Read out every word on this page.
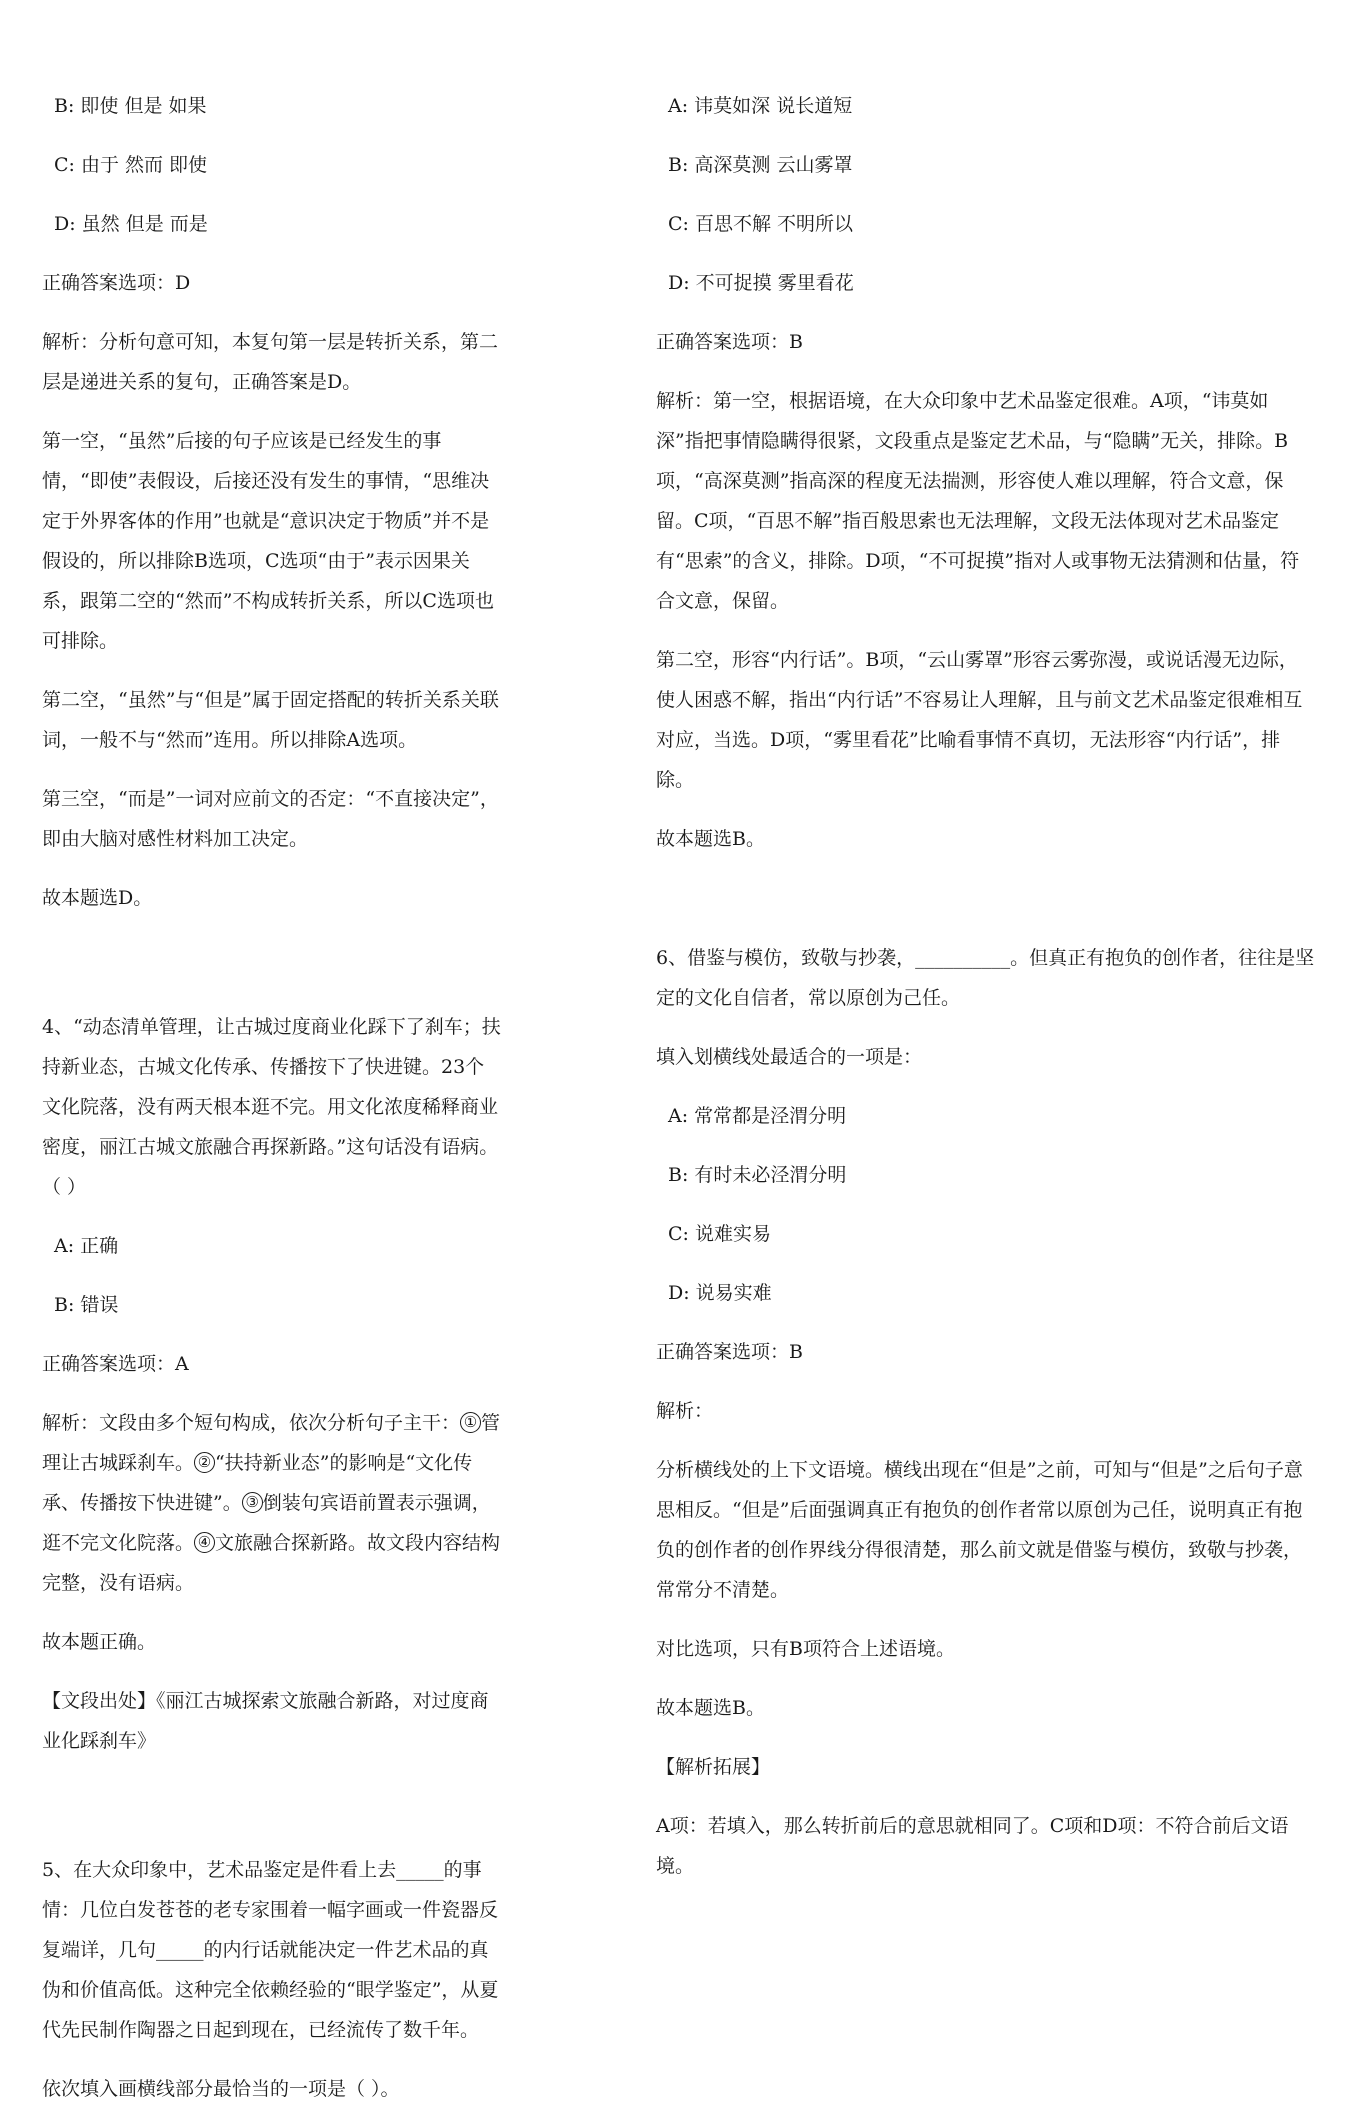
B: 即使 但是 如果

C: 由于 然而 即使

D: 虽然 但是 而是

正确答案选项：D

解析：分析句意可知，本复句第一层是转折关系，第二层是递进关系的复句，正确答案是D。

第一空，“虽然”后接的句子应该是已经发生的事情，“即使”表假设，后接还没有发生的事情，“思维决定于外界客体的作用”也就是“意识决定于物质”并不是假设的，所以排除B选项，C选项“由于”表示因果关系，跟第二空的“然而”不构成转折关系，所以C选项也可排除。

第二空，“虽然”与“但是”属于固定搭配的转折关系关联词，一般不与“然而”连用。所以排除A选项。

第三空，“而是”一词对应前文的否定：“不直接决定”，即由大脑对感性材料加工决定。

故本题选D。

4、“动态清单管理，让古城过度商业化踩下了刹车；扶持新业态，古城文化传承、传播按下了快进键。23个文化院落，没有两天根本逛不完。用文化浓度稀释商业密度，丽江古城文旅融合再探新路。”这句话没有语病。（ ）

A: 正确

B: 错误

正确答案选项：A

解析：文段由多个短句构成，依次分析句子主干： ① 管理让古城踩刹车。 ② “扶持新业态”的影响是“文化传承、传播按下快进键”。 ③ 倒装句宾语前置表示强调，逛不完文化院落。 ④ 文旅融合探新路。故文段内容结构完整，没有语病。

故本题正确。

【文段出处】《丽江古城探索文旅融合新路，对过度商业化踩刹车》

5、在大众印象中，艺术品鉴定是件看上去_____的事情：几位白发苍苍的老专家围着一幅字画或一件瓷器反复端详，几句_____的内行话就能决定一件艺术品的真伪和价值高低。这种完全依赖经验的“眼学鉴定”，从夏代先民制作陶器之日起到现在，已经流传了数千年。

依次填入画横线部分最恰当的一项是（ ）。

A: 讳莫如深 说长道短

B: 高深莫测 云山雾罩

C: 百思不解 不明所以

D: 不可捉摸 雾里看花

正确答案选项：B

解析：第一空，根据语境，在大众印象中艺术品鉴定很难。A项，“讳莫如深”指把事情隐瞒得很紧，文段重点是鉴定艺术品，与“隐瞒”无关，排除。B项，“高深莫测”指高深的程度无法揣测，形容使人难以理解，符合文意，保留。C项，“百思不解”指百般思索也无法理解，文段无法体现对艺术品鉴定有“思索”的含义，排除。D项，“不可捉摸”指对人或事物无法猜测和估量，符合文意，保留。

第二空，形容“内行话”。B项，“云山雾罩”形容云雾弥漫，或说话漫无边际，使人困惑不解，指出“内行话”不容易让人理解，且与前文艺术品鉴定很难相互对应，当选。D项，“雾里看花”比喻看事情不真切，无法形容“内行话”，排除。

故本题选B。

6、借鉴与模仿，致敬与抄袭，__________。但真正有抱负的创作者，往往是坚定的文化自信者，常以原创为己任。

填入划横线处最适合的一项是：

A: 常常都是泾渭分明

B: 有时未必泾渭分明

C: 说难实易

D: 说易实难

正确答案选项：B

解析：

分析横线处的上下文语境。横线出现在“但是”之前，可知与“但是”之后句子意思相反。“但是”后面强调真正有抱负的创作者常以原创为己任，说明真正有抱负的创作者的创作界线分得很清楚，那么前文就是借鉴与模仿，致敬与抄袭，常常分不清楚。

对比选项，只有B项符合上述语境。

故本题选B。

【解析拓展】

A项：若填入，那么转折前后的意思就相同了。C项和D项：不符合前后文语境。
